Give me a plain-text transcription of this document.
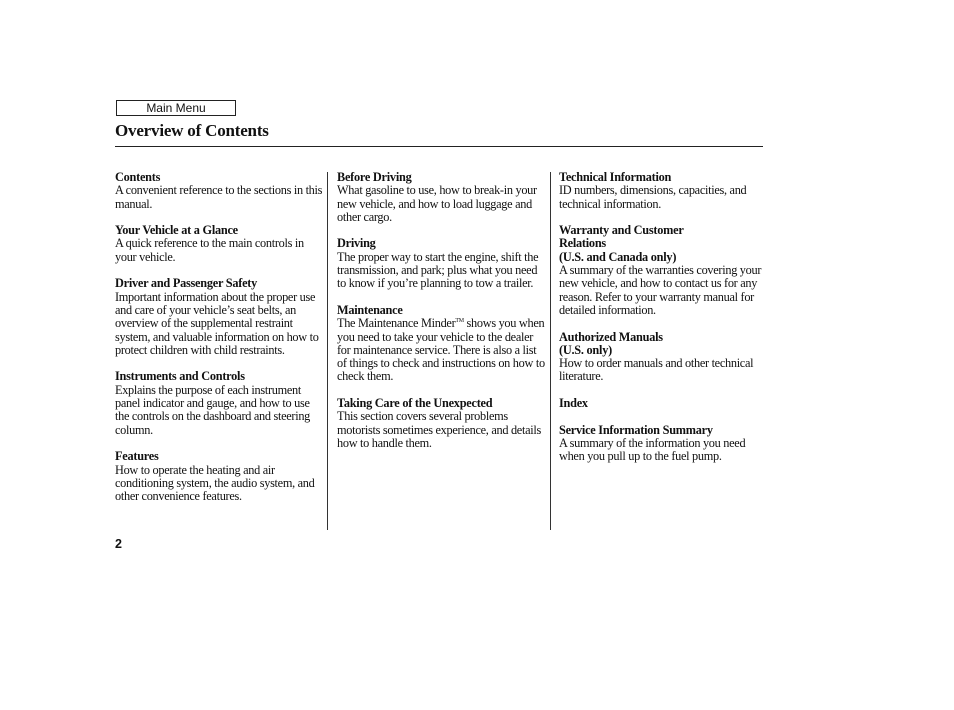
Main Menu
Overview of Contents
Contents
A convenient reference to the sections in this manual.
Your Vehicle at a Glance
A quick reference to the main controls in your vehicle.
Driver and Passenger Safety
Important information about the proper use and care of your vehicle’s seat belts, an overview of the supplemental restraint system, and valuable information on how to protect children with child restraints.
Instruments and Controls
Explains the purpose of each instrument panel indicator and gauge, and how to use the controls on the dashboard and steering column.
Features
How to operate the heating and air conditioning system, the audio system, and other convenience features.
Before Driving
What gasoline to use, how to break-in your new vehicle, and how to load luggage and other cargo.
Driving
The proper way to start the engine, shift the transmission, and park; plus what you need to know if you’re planning to tow a trailer.
Maintenance
The Maintenance Minder™ shows you when you need to take your vehicle to the dealer for maintenance service. There is also a list of things to check and instructions on how to check them.
Taking Care of the Unexpected
This section covers several problems motorists sometimes experience, and details how to handle them.
Technical Information
ID numbers, dimensions, capacities, and technical information.
Warranty and Customer
Relations
(U.S. and Canada only)
A summary of the warranties covering your new vehicle, and how to contact us for any reason. Refer to your warranty manual for detailed information.
Authorized Manuals
(U.S. only)
How to order manuals and other technical literature.
Index
Service Information Summary
A summary of the information you need when you pull up to the fuel pump.
2
